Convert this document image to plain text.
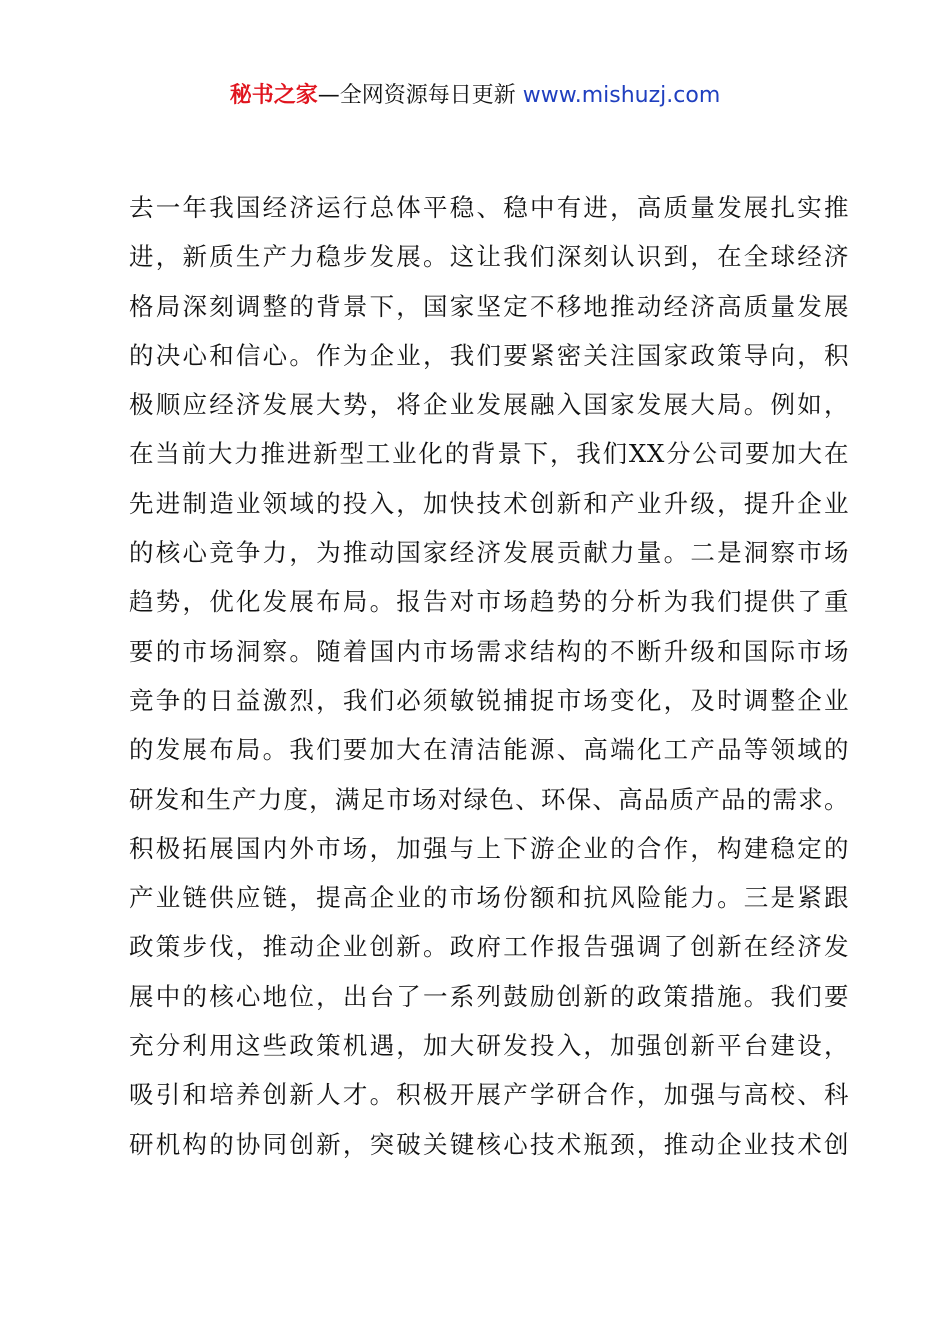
秘书之家—全网资源每日更新 www.mishuzj.com
去一年我国经济运行总体平稳、稳中有进，高质量发展扎实推
进，新质生产力稳步发展。这让我们深刻认识到，在全球经济
格局深刻调整的背景下，国家坚定不移地推动经济高质量发展
的决心和信心。作为企业，我们要紧密关注国家政策导向，积
极顺应经济发展大势，将企业发展融入国家发展大局。例如，
在当前大力推进新型工业化的背景下，我们XX分公司要加大在
先进制造业领域的投入，加快技术创新和产业升级，提升企业
的核心竞争力，为推动国家经济发展贡献力量。二是洞察市场
趋势，优化发展布局。报告对市场趋势的分析为我们提供了重
要的市场洞察。随着国内市场需求结构的不断升级和国际市场
竞争的日益激烈，我们必须敏锐捕捉市场变化，及时调整企业
的发展布局。我们要加大在清洁能源、高端化工产品等领域的
研发和生产力度，满足市场对绿色、环保、高品质产品的需求。
积极拓展国内外市场，加强与上下游企业的合作，构建稳定的
产业链供应链，提高企业的市场份额和抗风险能力。三是紧跟
政策步伐，推动企业创新。政府工作报告强调了创新在经济发
展中的核心地位，出台了一系列鼓励创新的政策措施。我们要
充分利用这些政策机遇，加大研发投入，加强创新平台建设，
吸引和培养创新人才。积极开展产学研合作，加强与高校、科
研机构的协同创新，突破关键核心技术瓶颈，推动企业技术创
